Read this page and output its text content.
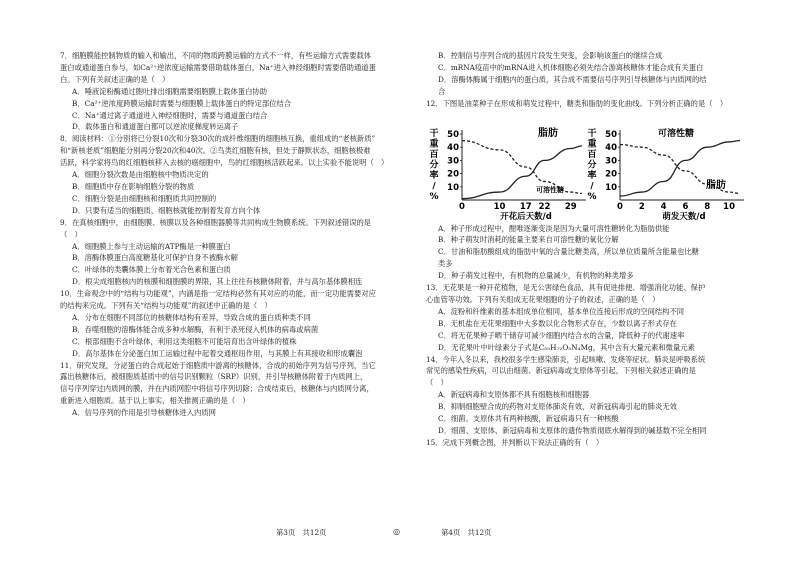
7．细胞膜能控制物质的输入和输出，不同的物质跨膜运输的方式不一样，有些运输方式需要载体
蛋白或通道蛋白参与，如Ca²⁺逆浓度运输需要借助载体蛋白，Na⁺进入神经细胞时需要借助通道蛋
白。下列有关叙述正确的是（　）
A．唾液淀粉酶通过胞吐排出细胞需要细胞膜上载体蛋白协助
B．Ca²⁺逆浓度跨膜运输时需要与细胞膜上载体蛋白的特定部位结合
C．Na⁺通过离子通道进入神经细胞时，需要与通道蛋白结合
D．载体蛋白和通道蛋白都可以逆浓度梯度转运离子
8．阅读材料：①分别将已分裂10次和分裂30次的成纤维细胞的细胞核互换，重组成的“老核新质”
和“新核老质”细胞能分别再分裂20次和40次。②鸟类红细胞有核，但处于静默状态，细胞核极难
活跃，科学家将鸟的红细胞核移入去核的癌细胞中，鸟的红细胞核活跃起来。以上实验不能说明（　）
A．细胞分裂次数是由细胞核中物质决定的
B．细胞质中存在影响细胞分裂的物质
C．细胞分裂是由细胞核和细胞质共同控制的
D．只要有适当的细胞质，细胞核就能控制着发育方向个体
9．在真核细胞中，由细胞膜、核膜以及各种细胞器膜等共同构成生物膜系统。下列叙述错误的是
（　）
A．细胞膜上参与主动运输的ATP酶是一种膜蛋白
B．溶酶体膜蛋白高度糖基化可保护自身不被酶水解
C．叶绿体的类囊体膜上分布着光合色素和蛋白质
D．根尖成细胞核内的核膜和细胞膜的界限，其上往往有核糖体附着，并与高尔基体膜相连
10．生命观念中的“结构与功能观”，内涵是指一定结构必然有其对应的功能，而一定功能需要对应
的结构来完成。下列有关“结构与功能观”的叙述中正确的是（　）
A．分布在细胞不同部位的核糖体结构有差异，导致合成的蛋白质种类不同
B．吞噬细胞的溶酶体能合成多种水解酶，有利于杀死侵入机体的病毒或病菌
C．根部细胞不含叶绿体，利用这类细胞不可能培育出含叶绿体的植株
D．高尔基体在分泌蛋白加工运输过程中起着交通枢纽作用，与其膜上有其接收和形成囊泡
11．研究发现，分泌蛋白的合成起始于细胞质中游离的核糖体，合成的初始序列为信号序列，当它
露出核糖体后，被细胞质基质中的信号识别颗粒（SRP）识别，并引导核糖体附着于内质网上，
信号序列穿过内质网的膜，并在内质网腔中将信号序列切除；合成结束后，核糖体与内质网分离，
重新进入细胞质。基于以上事实，相关推测正确的是（　）
A．信号序列的作用是引导核糖体进入内质网
B．控制信号序列合成的基因片段发生突变，会影响该蛋白的继续合成
C．mRNA疫苗中的mRNA进入机体细胞必须先结合游离核糖体才能合成有关蛋白
D．溶酶体酶属于细胞内的蛋白质，其合成不需要信号序列引导核糖体与内质网的结
合
12．下图是油菜种子在形成和萌发过程中，糖类和脂肪的变化曲线。下列分析正确的是（　）
干
重
百
分
率
/
%
10
20
30
40
50
0	10 17 22 29
开花后天数/d
脂肪
可溶性糖
干
重
百
分
率
/
%
10
20
30
40
50
0 2 4 6 8 10
萌发天数/d
可溶性糖
脂肪
A．种子形成过程中，酣唯逐渐变淡是因为大量可溶性糖转化为脂肪供能
B．种子萌发时消耗的能量主要来自可溶性糖的氧化分解
C．甘油和脂肪酸组成的脂肪中氧的含量比糖类高，所以单位质量所含能量也比糖
类多
D．种子萌发过程中，有机物的总量减少，有机物的种类增多
13．无花果是一种开花植物，是无公害绿色食品，具有促进排便、增强消化功能、保护
心血管等功效。下列有关组成无花果细胞的分子的叙述，正确的是（　）
A．淀粉和纤维素的基本组成单位相同，基本单位连接后形成的空间结构不同
B．无机盐在无花果细胞中大多数以化合物形式存在，少数以离子形式存在
C．将无花果种子晒干储存可减少细胞内结合水的含量，降低种子的代谢速率
D．无花果叶中叶绿素分子式是C₅₅H₇₂O₅N₄Mg，其中含有大量元素和微量元素
14．今年入冬以来，我校很多学生感染肺炎，引起咳嗽、发烧等症状。肺炎是呼吸系统
常见的感染性疾病，可以由细菌、新冠病毒或支原体等引起，下列相关叙述正确的是
（　）
A．新冠病毒和支原体都不具有细胞核和细胞器
B．抑制细胞壁合成的药物对支原体肺炎有效，对新冠病毒引起的肺炎无效
C．细菌、支原体共有两种核酸，新冠病毒只有一种核酸
D．细菌、支原体、新冠病毒和支原体的遗传物质彻底水解得到的碱基数不完全相同
15．完成下列概念图，并判断以下说法正确的有（　）
第3页　共12页	◎	第4页　共12页
